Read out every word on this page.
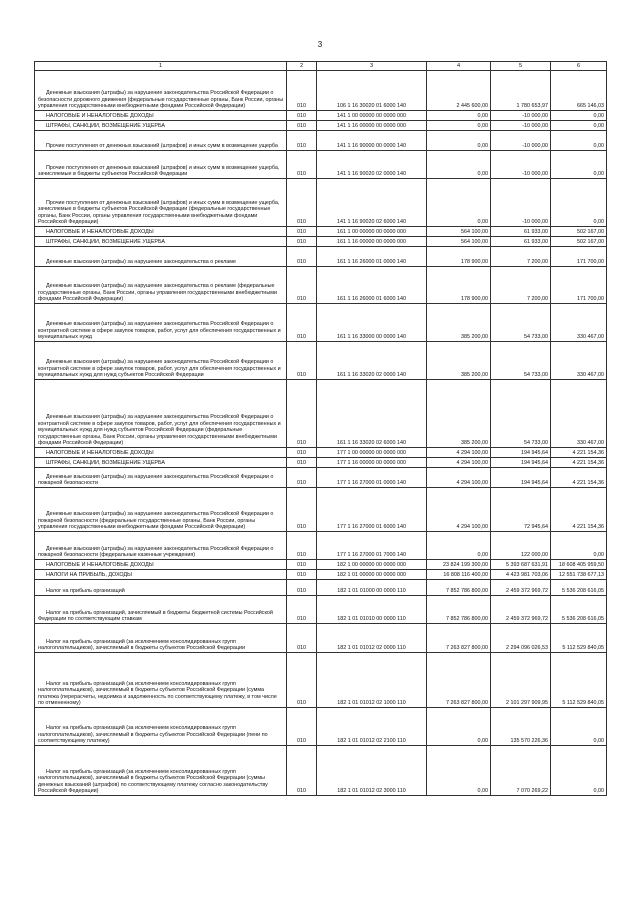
3
1	2	3	4	5	6

Денежные взыскания (штрафы) за нарушение законодательства Российской Федерации о безопасности дорожного движения (федеральные государственные органы, Банк России, органы управления государственными внебюджетными фондами Российской Федерации)	010	106 1 16 30020 01 6000 140	2 445 600,00	1 780 653,97	665 146,03

НАЛОГОВЫЕ И НЕНАЛОГОВЫЕ ДОХОДЫ	010	141 1 00 00000 00 0000 000	0,00	-10 000,00	0,00

ШТРАФЫ, САНКЦИИ, ВОЗМЕЩЕНИЕ УЩЕРБА	010	141 1 16 00000 00 0000 000	0,00	-10 000,00	0,00

Прочие поступления от денежных взысканий (штрафов) и иных сумм в возмещение ущерба	010	141 1 16 90000 00 0000 140	0,00	-10 000,00	0,00

Прочие поступления от денежных взысканий (штрафов) и иных сумм в возмещение ущерба, зачисляемые в бюджеты субъектов Российской Федерации	010	141 1 16 90020 02 0000 140	0,00	-10 000,00	0,00

Прочие поступления от денежных взысканий (штрафов) и иных сумм в возмещение ущерба, зачисляемые в бюджеты субъектов Российской Федерации (федеральные государственные органы, Банк России, органы управления государственными внебюджетными фондами Российской Федерации)	010	141 1 16 90020 02 6000 140	0,00	-10 000,00	0,00

НАЛОГОВЫЕ И НЕНАЛОГОВЫЕ ДОХОДЫ	010	161 1 00 00000 00 0000 000	564 100,00	61 933,00	502 167,00

ШТРАФЫ, САНКЦИИ, ВОЗМЕЩЕНИЕ УЩЕРБА	010	161 1 16 00000 00 0000 000	564 100,00	61 933,00	502 167,00

Денежные взыскания (штрафы) за нарушение законодательства о рекламе	010	161 1 16 26000 01 0000 140	178 900,00	7 200,00	171 700,00

Денежные взыскания (штрафы) за нарушение законодательства о рекламе (федеральные государственные органы, Банк России, органы управления государственными внебюджетными фондами Российской Федерации)	010	161 1 16 26000 01 6000 140	178 900,00	7 200,00	171 700,00

Денежные взыскания (штрафы) за нарушение законодательства Российской Федерации о контрактной системе в сфере закупок товаров, работ, услуг для обеспечения государственных и муниципальных нужд	010	161 1 16 33000 00 0000 140	385 200,00	54 733,00	330 467,00

Денежные взыскания (штрафы) за нарушение законодательства Российской Федерации о контрактной системе в сфере закупок товаров, работ, услуг для обеспечения государственных и муниципальных нужд для нужд субъектов Российской Федерации	010	161 1 16 33020 02 0000 140	385 200,00	54 733,00	330 467,00

Денежные взыскания (штрафы) за нарушение законодательства Российской Федерации о контрактной системе в сфере закупок товаров, работ, услуг для обеспечения государственных и муниципальных нужд для нужд субъектов Российской Федерации (федеральные государственные органы, Банк России, органы управления государственными внебюджетными фондами Российской Федерации)	010	161 1 16 33020 02 6000 140	385 200,00	54 733,00	330 467,00

НАЛОГОВЫЕ И НЕНАЛОГОВЫЕ ДОХОДЫ	010	177 1 00 00000 00 0000 000	4 294 100,00	194 945,64	4 221 154,36

ШТРАФЫ, САНКЦИИ, ВОЗМЕЩЕНИЕ УЩЕРБА	010	177 1 16 00000 00 0000 000	4 294 100,00	194 945,64	4 221 154,36

Денежные взыскания (штрафы) за нарушение законодательства Российской Федерации о пожарной безопасности	010	177 1 16 27000 01 0000 140	4 294 100,00	194 945,64	4 221 154,36

Денежные взыскания (штрафы) за нарушение законодательства Российской Федерации о пожарной безопасности (федеральные государственные органы, Банк России, органы управления государственными внебюджетными фондами Российской Федерации)	010	177 1 16 27000 01 6000 140	4 294 100,00	72 945,64	4 221 154,36

Денежные взыскания (штрафы) за нарушение законодательства Российской Федерации о пожарной безопасности (федеральные казенные учреждения)	010	177 1 16 27000 01 7000 140	0,00	122 000,00	0,00

НАЛОГОВЫЕ И НЕНАЛОГОВЫЕ ДОХОДЫ	010	182 1 00 00000 00 0000 000	23 824 199 300,00	5 393 687 631,91	18 608 405 959,50

НАЛОГИ НА ПРИБЫЛЬ, ДОХОДЫ	010	182 1 01 00000 00 0000 000	16 808 116 400,00	4 423 981 703,06	12 551 738 677,13

Налог на прибыль организаций	010	182 1 01 01000 00 0000 110	7 852 786 800,00	2 459 372 969,72	5 536 208 616,05

Налог на прибыль организаций, зачисляемый в бюджеты бюджетной системы Российской Федерации по соответствующим ставкам	010	182 1 01 01010 00 0000 110	7 852 786 800,00	2 459 372 969,72	5 536 208 616,05

Налог на прибыль организаций (за исключением консолидированных групп налогоплательщиков), зачисляемый в бюджеты субъектов Российской Федерации	010	182 1 01 01012 02 0000 110	7 263 827 800,00	2 294 096 026,53	5 112 529 840,05

Налог на прибыль организаций (за исключением консолидированных групп налогоплательщиков), зачисляемый в бюджеты субъектов Российской Федерации (сумма платежа (перерасчеты, недоимка и задолженность по соответствующему платежу, в том числе по отмененному)	010	182 1 01 01012 02 1000 110	7 263 827 800,00	2 101 297 909,95	5 112 529 840,05

Налог на прибыль организаций (за исключением консолидированных групп налогоплательщиков), зачисляемый в бюджеты субъектов Российской Федерации (пени по соответствующему платежу)	010	182 1 01 01012 02 2100 110	0,00	135 570 226,36	0,00

Налог на прибыль организаций (за исключением консолидированных групп налогоплательщиков), зачисляемый в бюджеты субъектов Российской Федерации (суммы денежных взысканий (штрафов) по соответствующему платежу согласно законодательству Российской Федерации)	010	182 1 01 01012 02 3000 110	0,00	7 070 269,22	0,00
